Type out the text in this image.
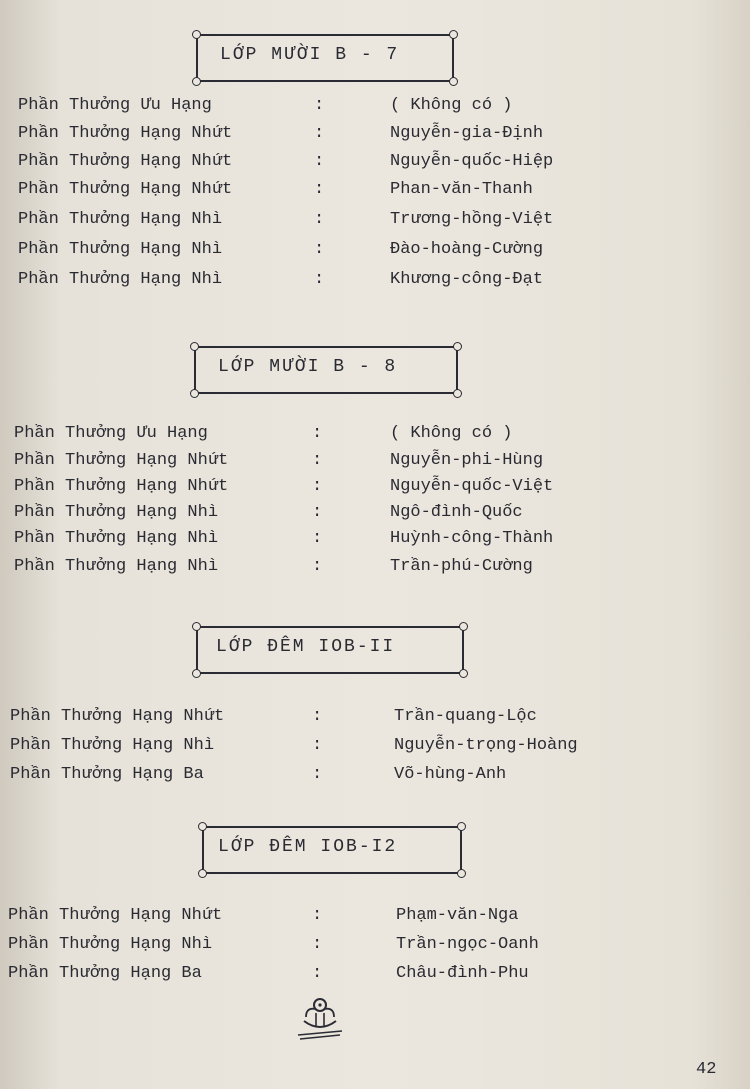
LỚP MƯỜI B - 7
Phần Thưởng Ưu Hạng	:	( Không có )
Phần Thưởng Hạng Nhứt	:	Nguyễn-gia-Định
Phần Thưởng Hạng Nhứt	:	Nguyễn-quốc-Hiệp
Phần Thưởng Hạng Nhứt	:	Phan-văn-Thanh
Phần Thưởng Hạng Nhì	:	Trương-hồng-Việt
Phần Thưởng Hạng Nhì	:	Đào-hoàng-Cường
Phần Thưởng Hạng Nhì	:	Khương-công-Đạt
LỚP MƯỜI B - 8
Phần Thưởng Ưu Hạng	:	( Không có )
Phần Thưởng Hạng Nhứt	:	Nguyễn-phi-Hùng
Phần Thưởng Hạng Nhứt	:	Nguyễn-quốc-Việt
Phần Thưởng Hạng Nhì	:	Ngô-đình-Quốc
Phần Thưởng Hạng Nhì	:	Huỳnh-công-Thành
Phần Thưởng Hạng Nhì	:	Trần-phú-Cường
LỚP ĐÊM IOB-II
Phần Thưởng Hạng Nhứt	:	Trần-quang-Lộc
Phần Thưởng Hạng Nhì	:	Nguyễn-trọng-Hoàng
Phần Thưởng Hạng Ba	:	Võ-hùng-Anh
LỚP ĐÊM IOB-I2
Phần Thưởng Hạng Nhứt	:	Phạm-văn-Nga
Phần Thưởng Hạng Nhì	:	Trần-ngọc-Oanh
Phần Thưởng Hạng Ba	:	Châu-đình-Phu
42
